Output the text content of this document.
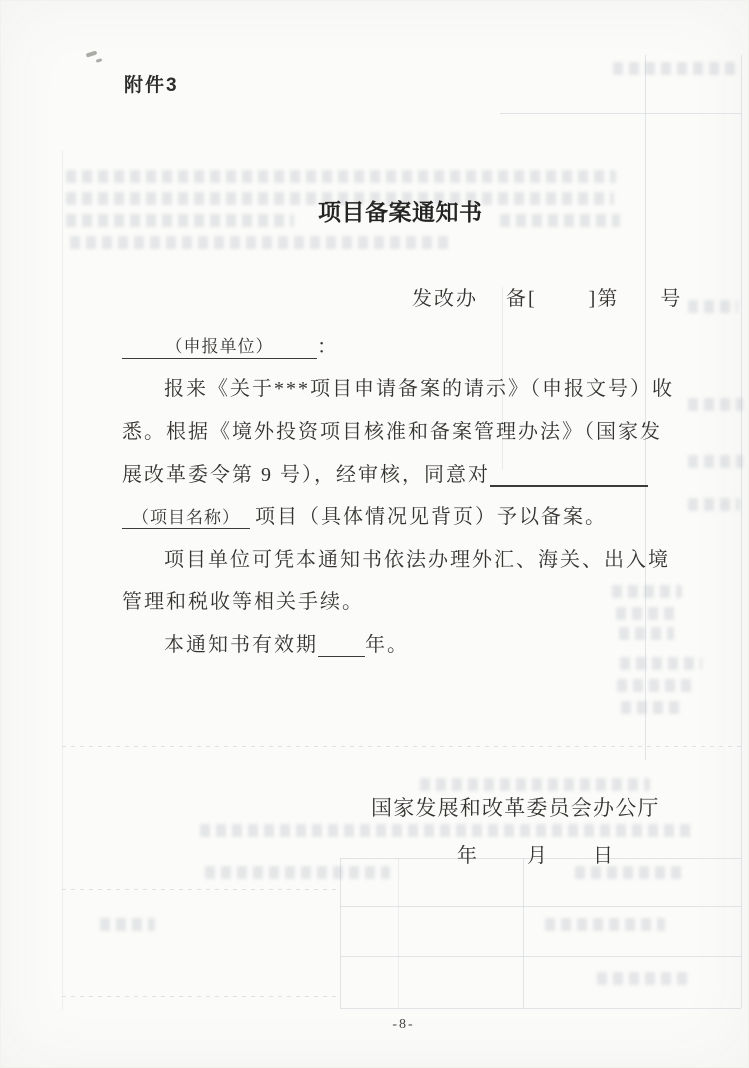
附件3
项目备案通知书
发改办 备[	]第 号
（申报单位） ：
报来《关于***项目申请备案的请示》（申报文号）收
悉。根据《境外投资项目核准和备案管理办法》（国家发
展改革委令第 9 号），经审核，同意对
（项目名称） 项目（具体情况见背页）予以备案。
项目单位可凭本通知书依法办理外汇、海关、出入境
管理和税收等相关手续。
本通知书有效期 年。
国家发展和改革委员会办公厅
年	月 日
-8-
